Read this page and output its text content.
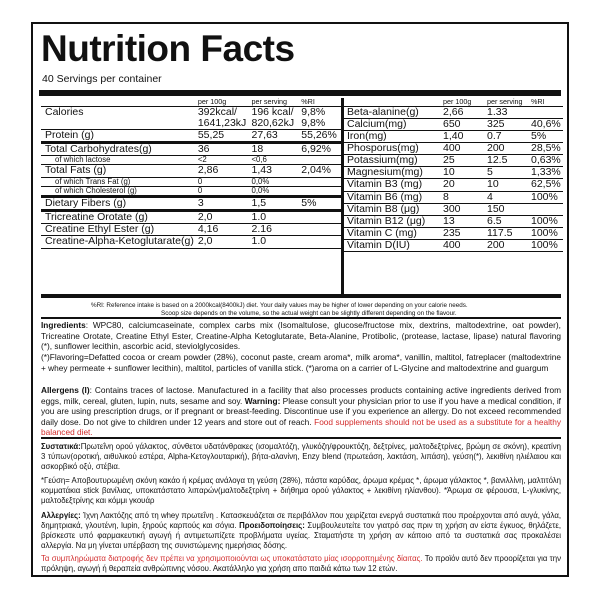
Nutrition Facts
40 Servings per container
	per 100g	per serving	%RI
Calories	392kcal/	196 kcal/	9,8%
	1641,23kJ	820,62kJ	9,8%
Protein (g)	55,25	27,63	55,26%
Total Carbohydrates(g)	36	18	6,92%
of which lactose	<2	<0,6	
Total Fats (g)	2,86	1,43	2,04%
of which Trans Fat (g)	0	0,0%	
of which Cholesterol (g)	0	0,0%	
Dietary Fibers (g)	3	1,5	5%
Tricreatine Orotate (g)	2,0	1.0	
Creatine Ethyl Ester (g)	4,16	2.16	
Creatine-Alpha-Ketoglutarate(g)	2,0	1.0	
	per 100g	per serving	%RI
Beta-alanine(g)	2,66	1.33	
Calcium(mg)	650	325	40,6%
Iron(mg)	1,40	0.7	5%
Phosporus(mg)	400	200	28,5%
Potassium(mg)	25	12.5	0,63%
Magnesium(mg)	10	5	1,33%
Vitamin B3 (mg)	20	10	62,5%
Vitamin B6 (mg)	8	4	100%
Vitamin B8 (μg)	300	150	
Vitamin B12 (μg)	13	6.5	100%
Vitamin C (mg)	235	117.5	100%
Vitamin D(IU)	400	200	100%
%RI: Reference intake is based on a 2000kcal(8400kJ) diet. Your daily values may be higher of lower depending on your calorie needs.
Scoop size depends on the volume, so the actual weight can be slightly different depending on the flavour.
Ingredients: WPC80, calciumcaseinate, complex carbs mix (Isomaltulose, glucose/fructose mix, dextrins, maltodextrine, oat powder), Tricreatine Orotate, Creatine Ethyl Ester, Creatine-Alpha Ketoglutarate, Beta-Alanine, Protibolic, (protease, lactase, lipase) natural flavoring (*), sunflower lecithin, ascorbic acid, steviolglycosides.
(*)Flavoring=Defatted cocoa or cream powder (28%), coconut paste, cream aroma*, milk aroma*, vanillin, maltitol, fatreplacer (maltodextrine + whey permeate + sunflower lecithin), maltitol, particles of vanilla stick. (*)aroma on a carrier of L-Glycine and maltodextrine and guargum
Allergens (I): Contains traces of lactose. Manufactured in a facility that also processes products containing active ingredients derived from eggs, milk, cereal, gluten, lupin, nuts, sesame and soy. Warning: Please consult your physician prior to use if you have a medical condition, if you are using prescription drugs, or if pregnant or breast-feeding. Discontinue use if you experience an allergy. Do not exceed recommended daily dose. Do not give to children under 12 years and store out of reach. Food supplements should not be used as a substitute for a healthy balanced diet.
Συστατικά:Πρωτεΐνη ορού γάλακτος, σύνθετοι υδατάνθρακες (ισομαλτόζη, γλυκόζη/φρουκτόζη, δεξτρίνες, μαλτοδεξτρίνες, βρώμη σε σκόνη), κρεατίνη 3 τύπων(οροτική, αιθυλικού εστέρα, Alpha-Κετογλουταρική), βήτα-αλανίνη, Enzy blend (πρωτεάση, λακτάση, λιπάση), γεύση(*), λεκιθίνη ηλιέλαιου και ασκορβικό οξύ, στέβια.
*Γεύση= Αποβουτυρωμένη σκόνη κακάο ή κρέμας ανάλογα τη γεύση (28%), πάστα καρύδας, άρωμα κρέμας *, άρωμα γάλακτος *, βανιλλίνη, μαλτιτόλη κομματάκια stick βανίλιας, υποκατάστατο λιπαρών(μαλτοδεξτρίνη + διήθημα ορού γάλακτος + λεκιθίνη ηλίανθου). *Άρωμα σε φέρουσα, L-γλυκίνης, μαλτοδεξτρίνης και κόμμι γκουάρ
Αλλεργίες: Ίχνη Λακτόζης από τη whey πρωτεΐνη . Κατασκευάζεται σε περιβάλλον που χειρίζεται ενεργά συστατικά που προέρχονται από αυγά, γάλα, δημητριακά, γλουτένη, lupin, ξηρούς καρπούς και σόγια. Προειδοποίησεις: Συμβουλευτείτε τον γιατρό σας πριν τη χρήση αν είστε έγκυος, θηλάζετε, βρίσκεστε υπό φαρμακευτική αγωγή ή αντιμετωπίζετε προβλήματα υγείας. Σταματήστε τη χρήση αν κάποιο από τα συστατικά σας προκαλέσει αλλεργία. Να μη γίνεται υπέρβαση της συνιστώμενης ημερήσιας δόσης.
Τα συμπληρώματα διατροφής δεν πρέπει να χρησιμοποιούνται ως υποκατάστατο μίας ισορροπημένης δίαιτας. Το προϊόν αυτό δεν προορίζεται για την πρόληψη, αγωγή ή θεραπεία ανθρώπινης νόσου. Ακατάλληλο για χρήση απο παιδιά κάτω των 12 ετών.
